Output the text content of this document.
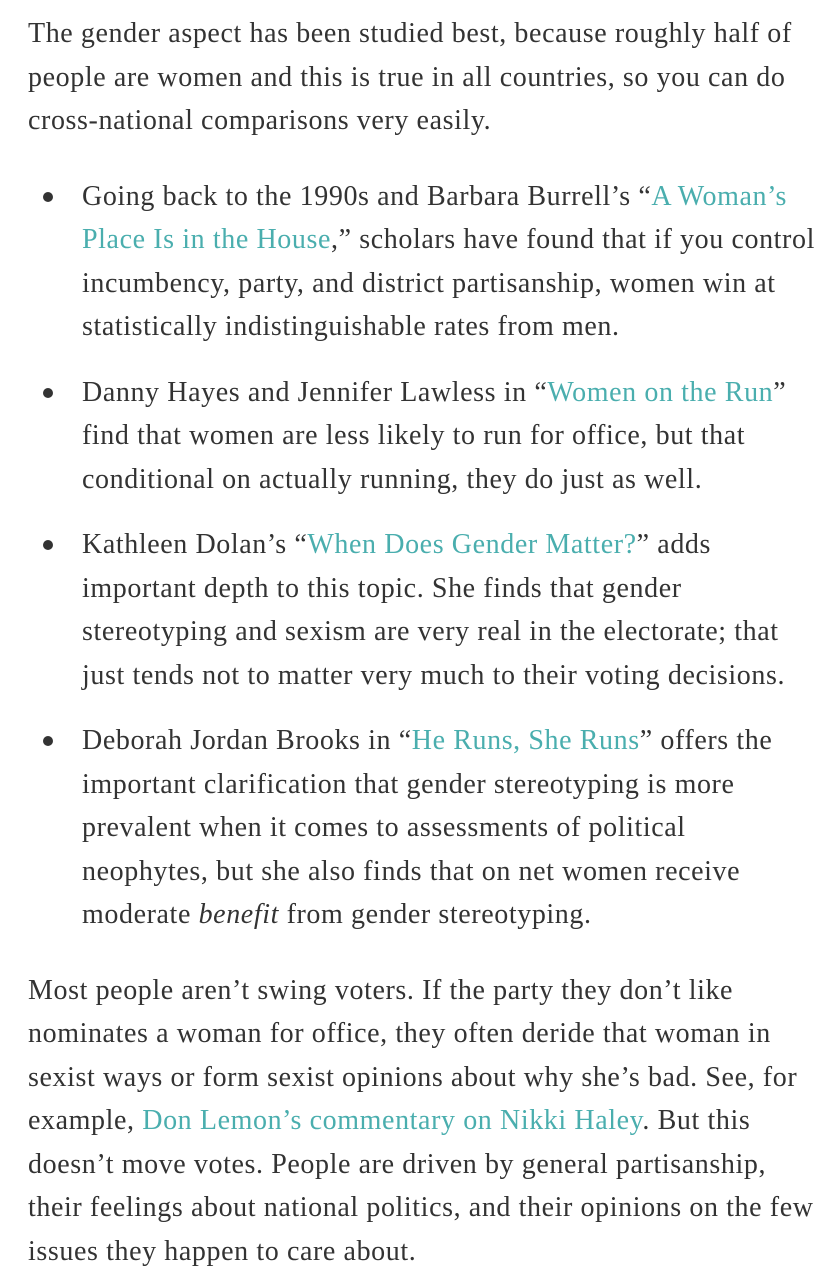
The gender aspect has been studied best, because roughly half of people are women and this is true in all countries, so you can do cross-national comparisons very easily.

Going back to the 1990s and Barbara Burrell’s “A Woman’s Place Is in the House,” scholars have found that if you control incumbency, party, and district partisanship, women win at statistically indistinguishable rates from men.
Danny Hayes and Jennifer Lawless in “Women on the Run” find that women are less likely to run for office, but that conditional on actually running, they do just as well.
Kathleen Dolan’s “When Does Gender Matter?” adds important depth to this topic. She finds that gender stereotyping and sexism are very real in the electorate; that just tends not to matter very much to their voting decisions.
Deborah Jordan Brooks in “He Runs, She Runs” offers the important clarification that gender stereotyping is more prevalent when it comes to assessments of political neophytes, but she also finds that on net women receive moderate benefit from gender stereotyping.

Most people aren’t swing voters. If the party they don’t like nominates a woman for office, they often deride that woman in sexist ways or form sexist opinions about why she’s bad. See, for example, Don Lemon’s commentary on Nikki Haley. But this doesn’t move votes. People are driven by general partisanship, their feelings about national politics, and their opinions on the few issues they happen to care about.
